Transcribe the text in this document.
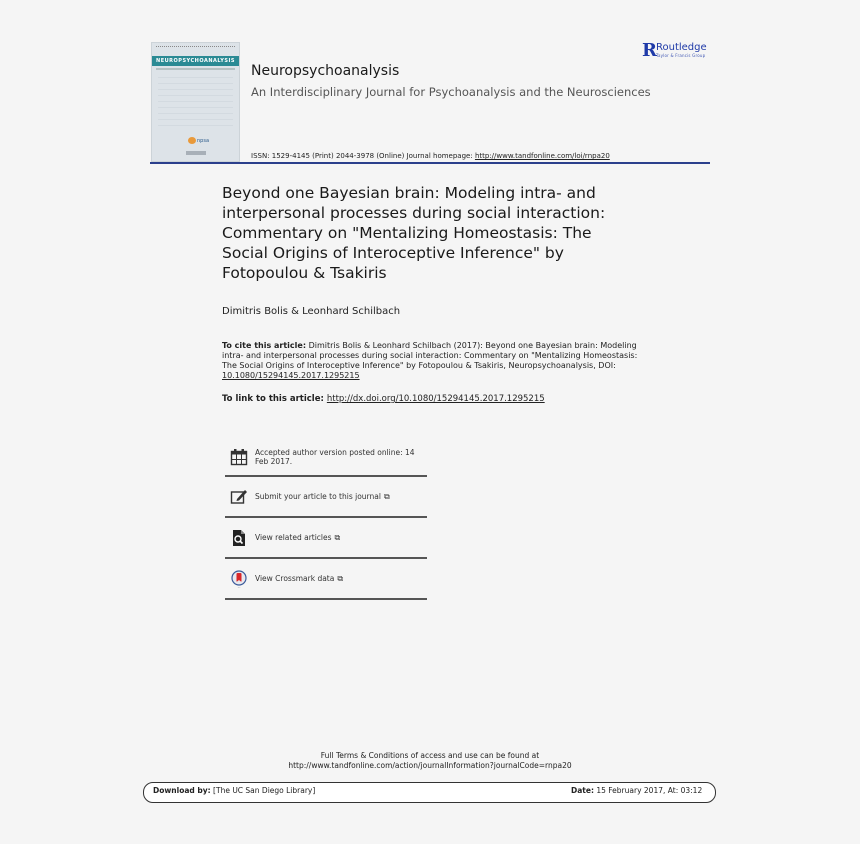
NEUROPSYCHOANALYSIS
npsa
Neuropsychoanalysis
An Interdisciplinary Journal for Psychoanalysis and the Neurosciences
ISSN: 1529-4145 (Print) 2044-3978 (Online) Journal homepage: http://www.tandfonline.com/loi/rnpa20
R Routledge
Taylor & Francis Group
Beyond one Bayesian brain: Modeling intra- and interpersonal processes during social interaction: Commentary on "Mentalizing Homeostasis: The Social Origins of Interoceptive Inference" by Fotopoulou & Tsakiris
Dimitris Bolis & Leonhard Schilbach
To cite this article: Dimitris Bolis & Leonhard Schilbach (2017): Beyond one Bayesian brain: Modeling intra- and interpersonal processes during social interaction: Commentary on "Mentalizing Homeostasis: The Social Origins of Interoceptive Inference" by Fotopoulou & Tsakiris, Neuropsychoanalysis, DOI: 10.1080/15294145.2017.1295215
To link to this article: http://dx.doi.org/10.1080/15294145.2017.1295215
Accepted author version posted online: 14 Feb 2017.
Submit your article to this journal ⧉
View related articles ⧉
...
View Crossmark data ⧉
Full Terms & Conditions of access and use can be found at
http://www.tandfonline.com/action/journalInformation?journalCode=rnpa20
Download by: [The UC San Diego Library]	Date: 15 February 2017, At: 03:12
